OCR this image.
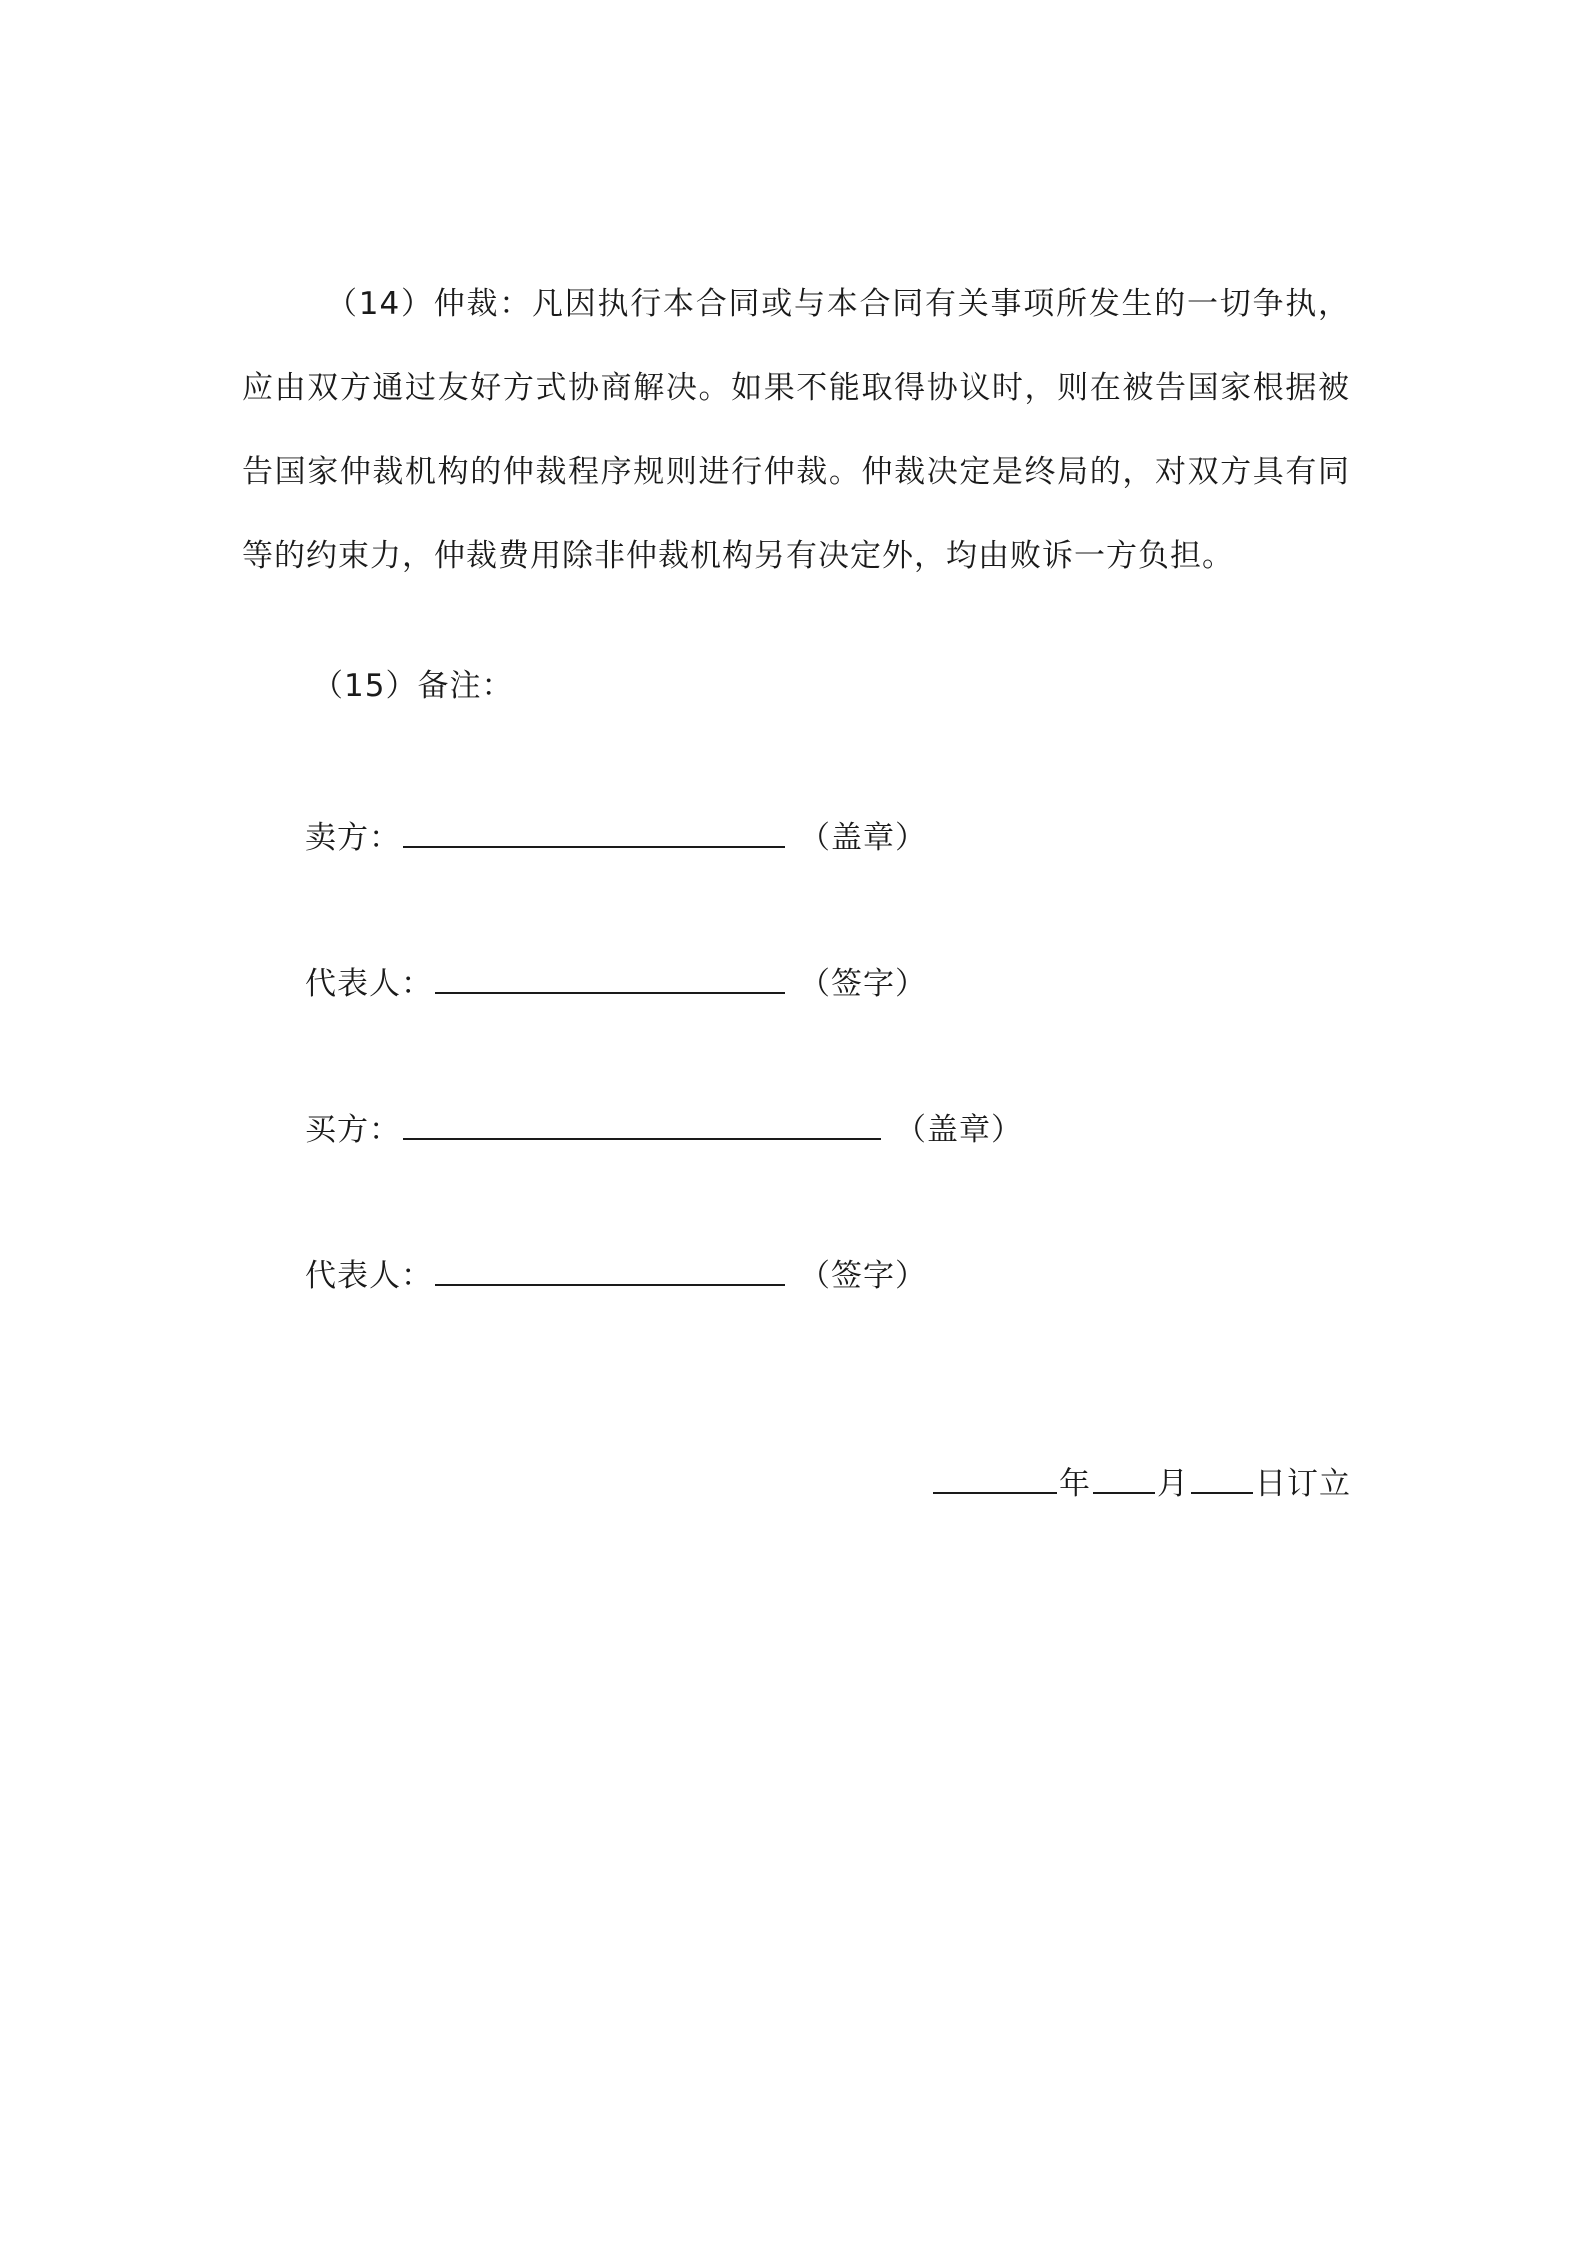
（14）仲裁：凡因执行本合同或与本合同有关事项所发生的一切争执，应由双方通过友好方式协商解决。如果不能取得协议时，则在被告国家根据被告国家仲裁机构的仲裁程序规则进行仲裁。仲裁决定是终局的，对双方具有同等的约束力，仲裁费用除非仲裁机构另有决定外，均由败诉一方负担。

（15）备注：

卖方：	（盖章）
代表人：	（签字）
买方：	（盖章）
代表人：	（签字）
年 月 日订立
